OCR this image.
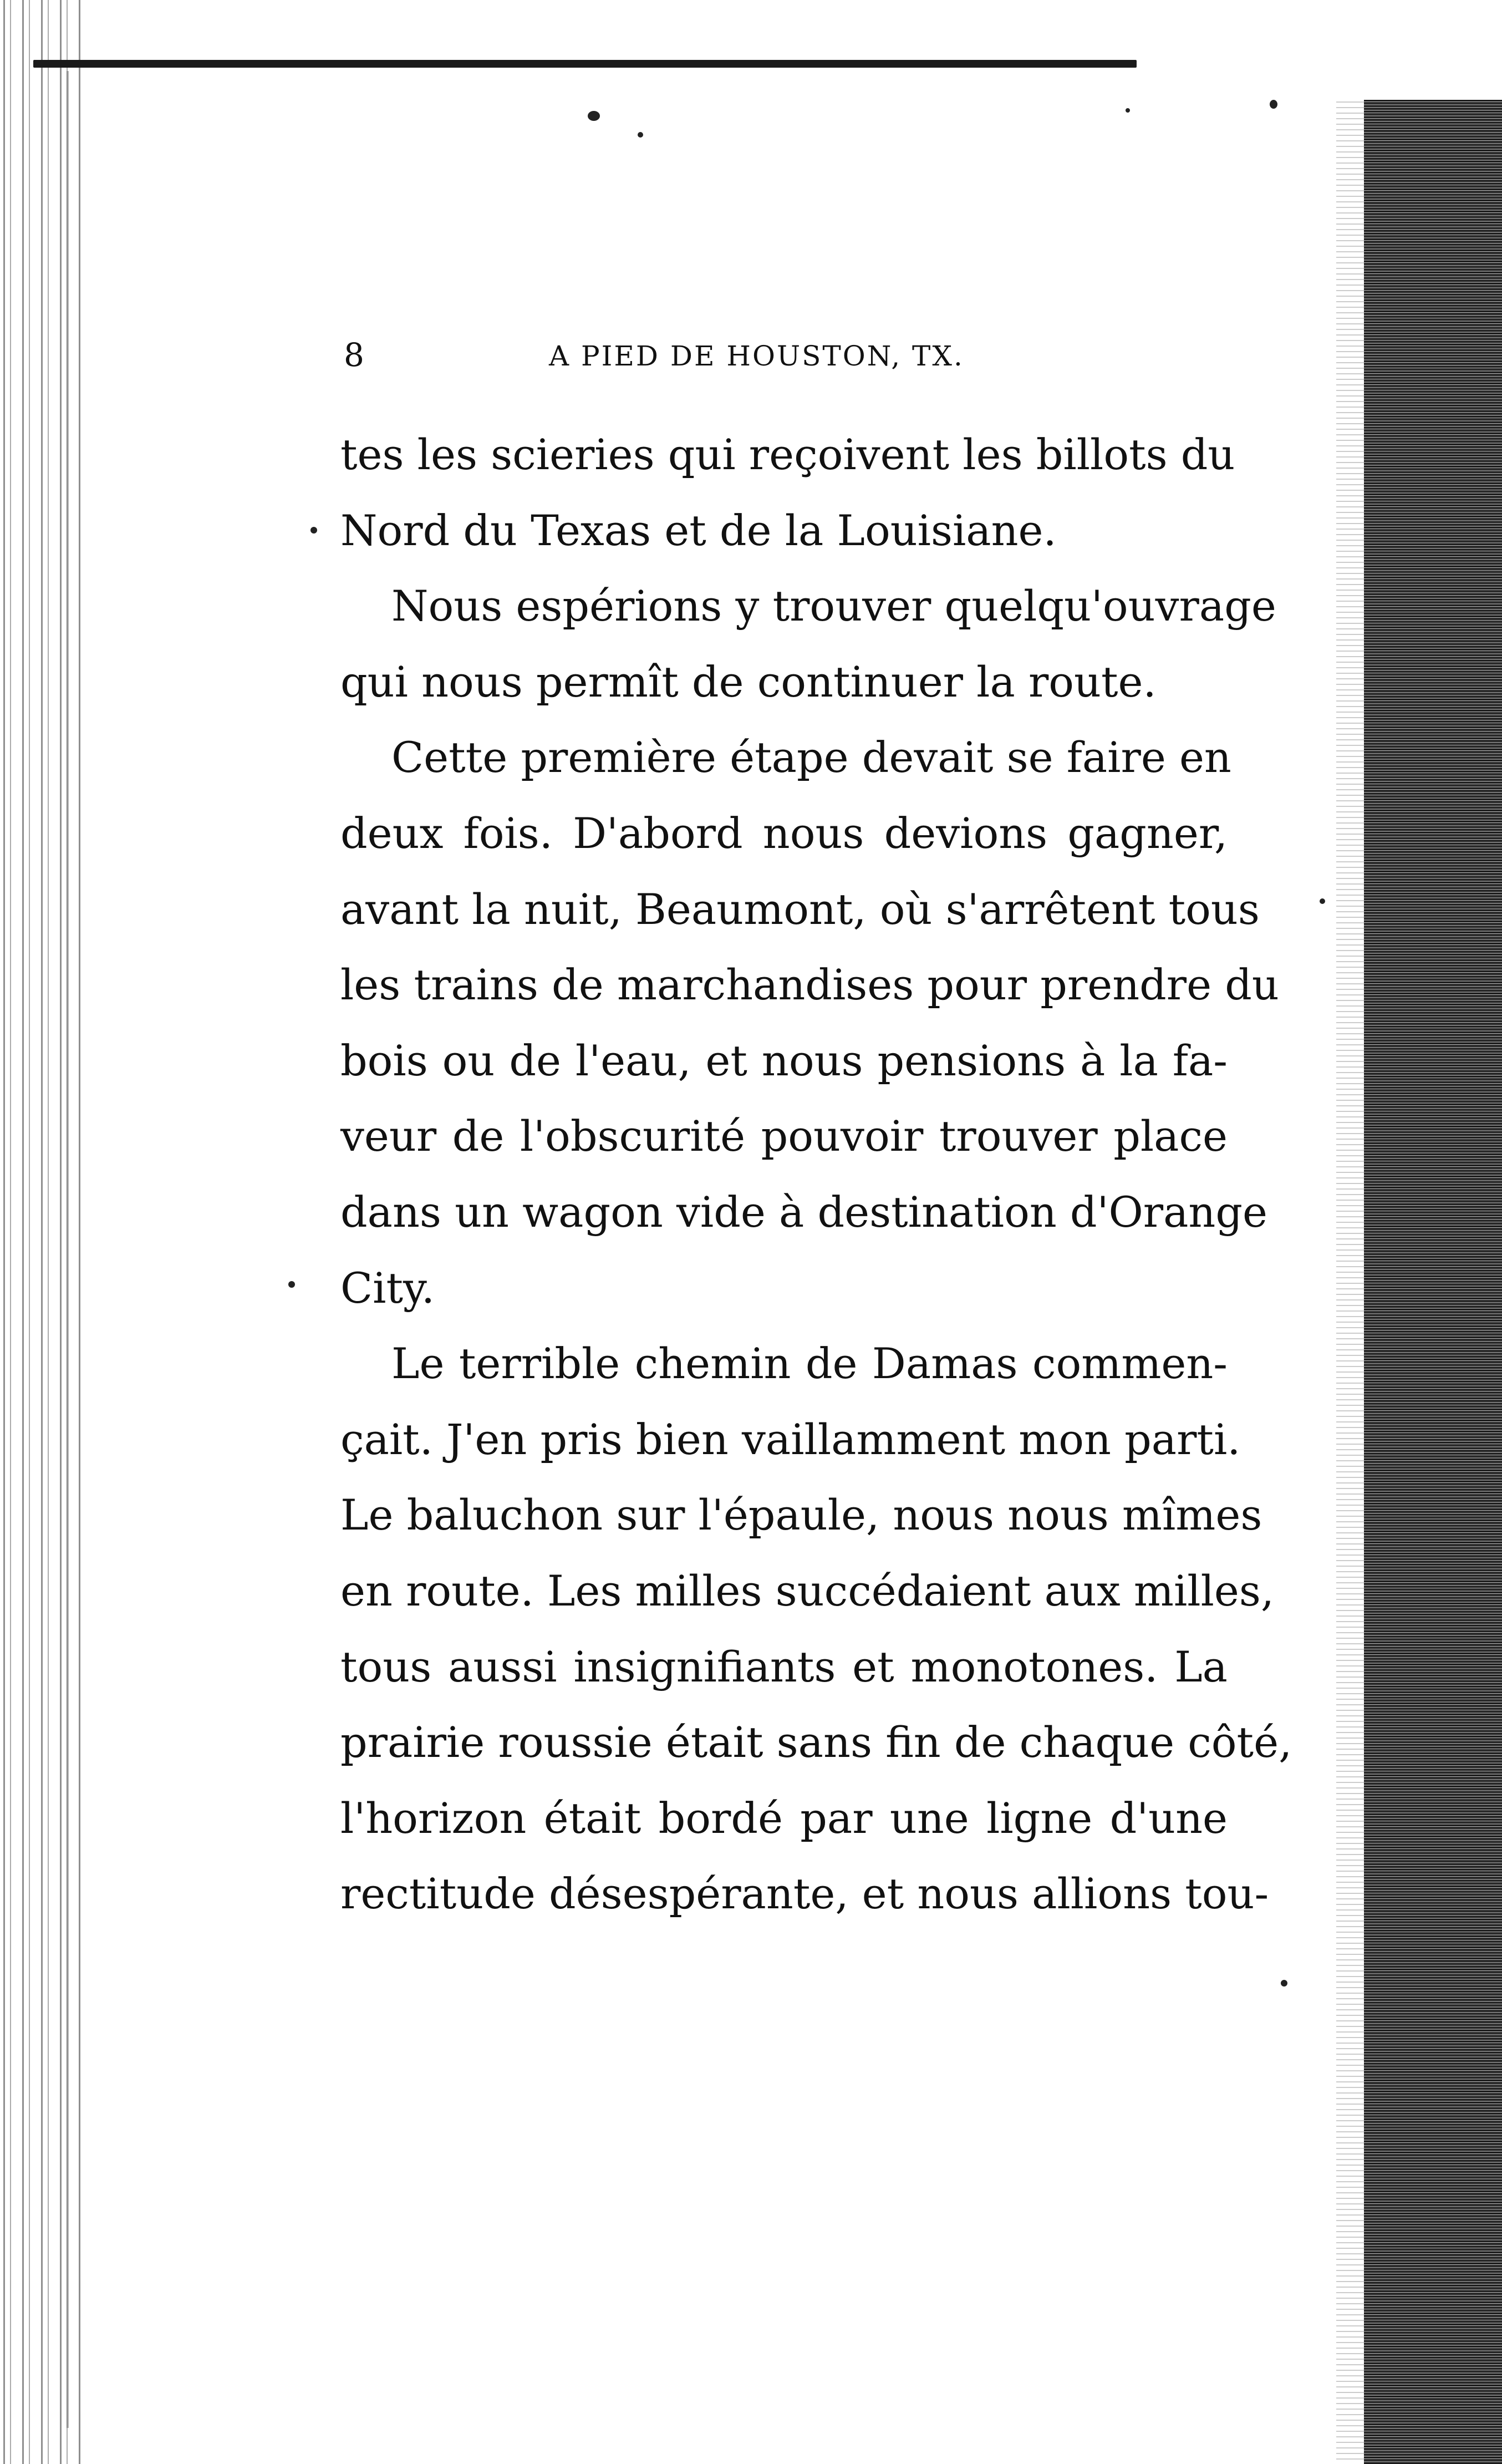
8	A PIED DE HOUSTON, TX.
tes les scieries qui reçoivent les billots du
Nord du Texas et de la Louisiane.
Nous espérions y trouver quelqu'ouvrage
qui nous permît de continuer la route.
Cette première étape devait se faire en
deux fois. D'abord nous devions gagner,
avant la nuit, Beaumont, où s'arrêtent tous
les trains de marchandises pour prendre du
bois ou de l'eau, et nous pensions à la fa-
veur de l'obscurité pouvoir trouver place
dans un wagon vide à destination d'Orange
City.
Le terrible chemin de Damas commen-
çait. J'en pris bien vaillamment mon parti.
Le baluchon sur l'épaule, nous nous mîmes
en route. Les milles succédaient aux milles,
tous aussi insignifiants et monotones. La
prairie roussie était sans fin de chaque côté,
l'horizon était bordé par une ligne d'une
rectitude désespérante, et nous allions tou-
